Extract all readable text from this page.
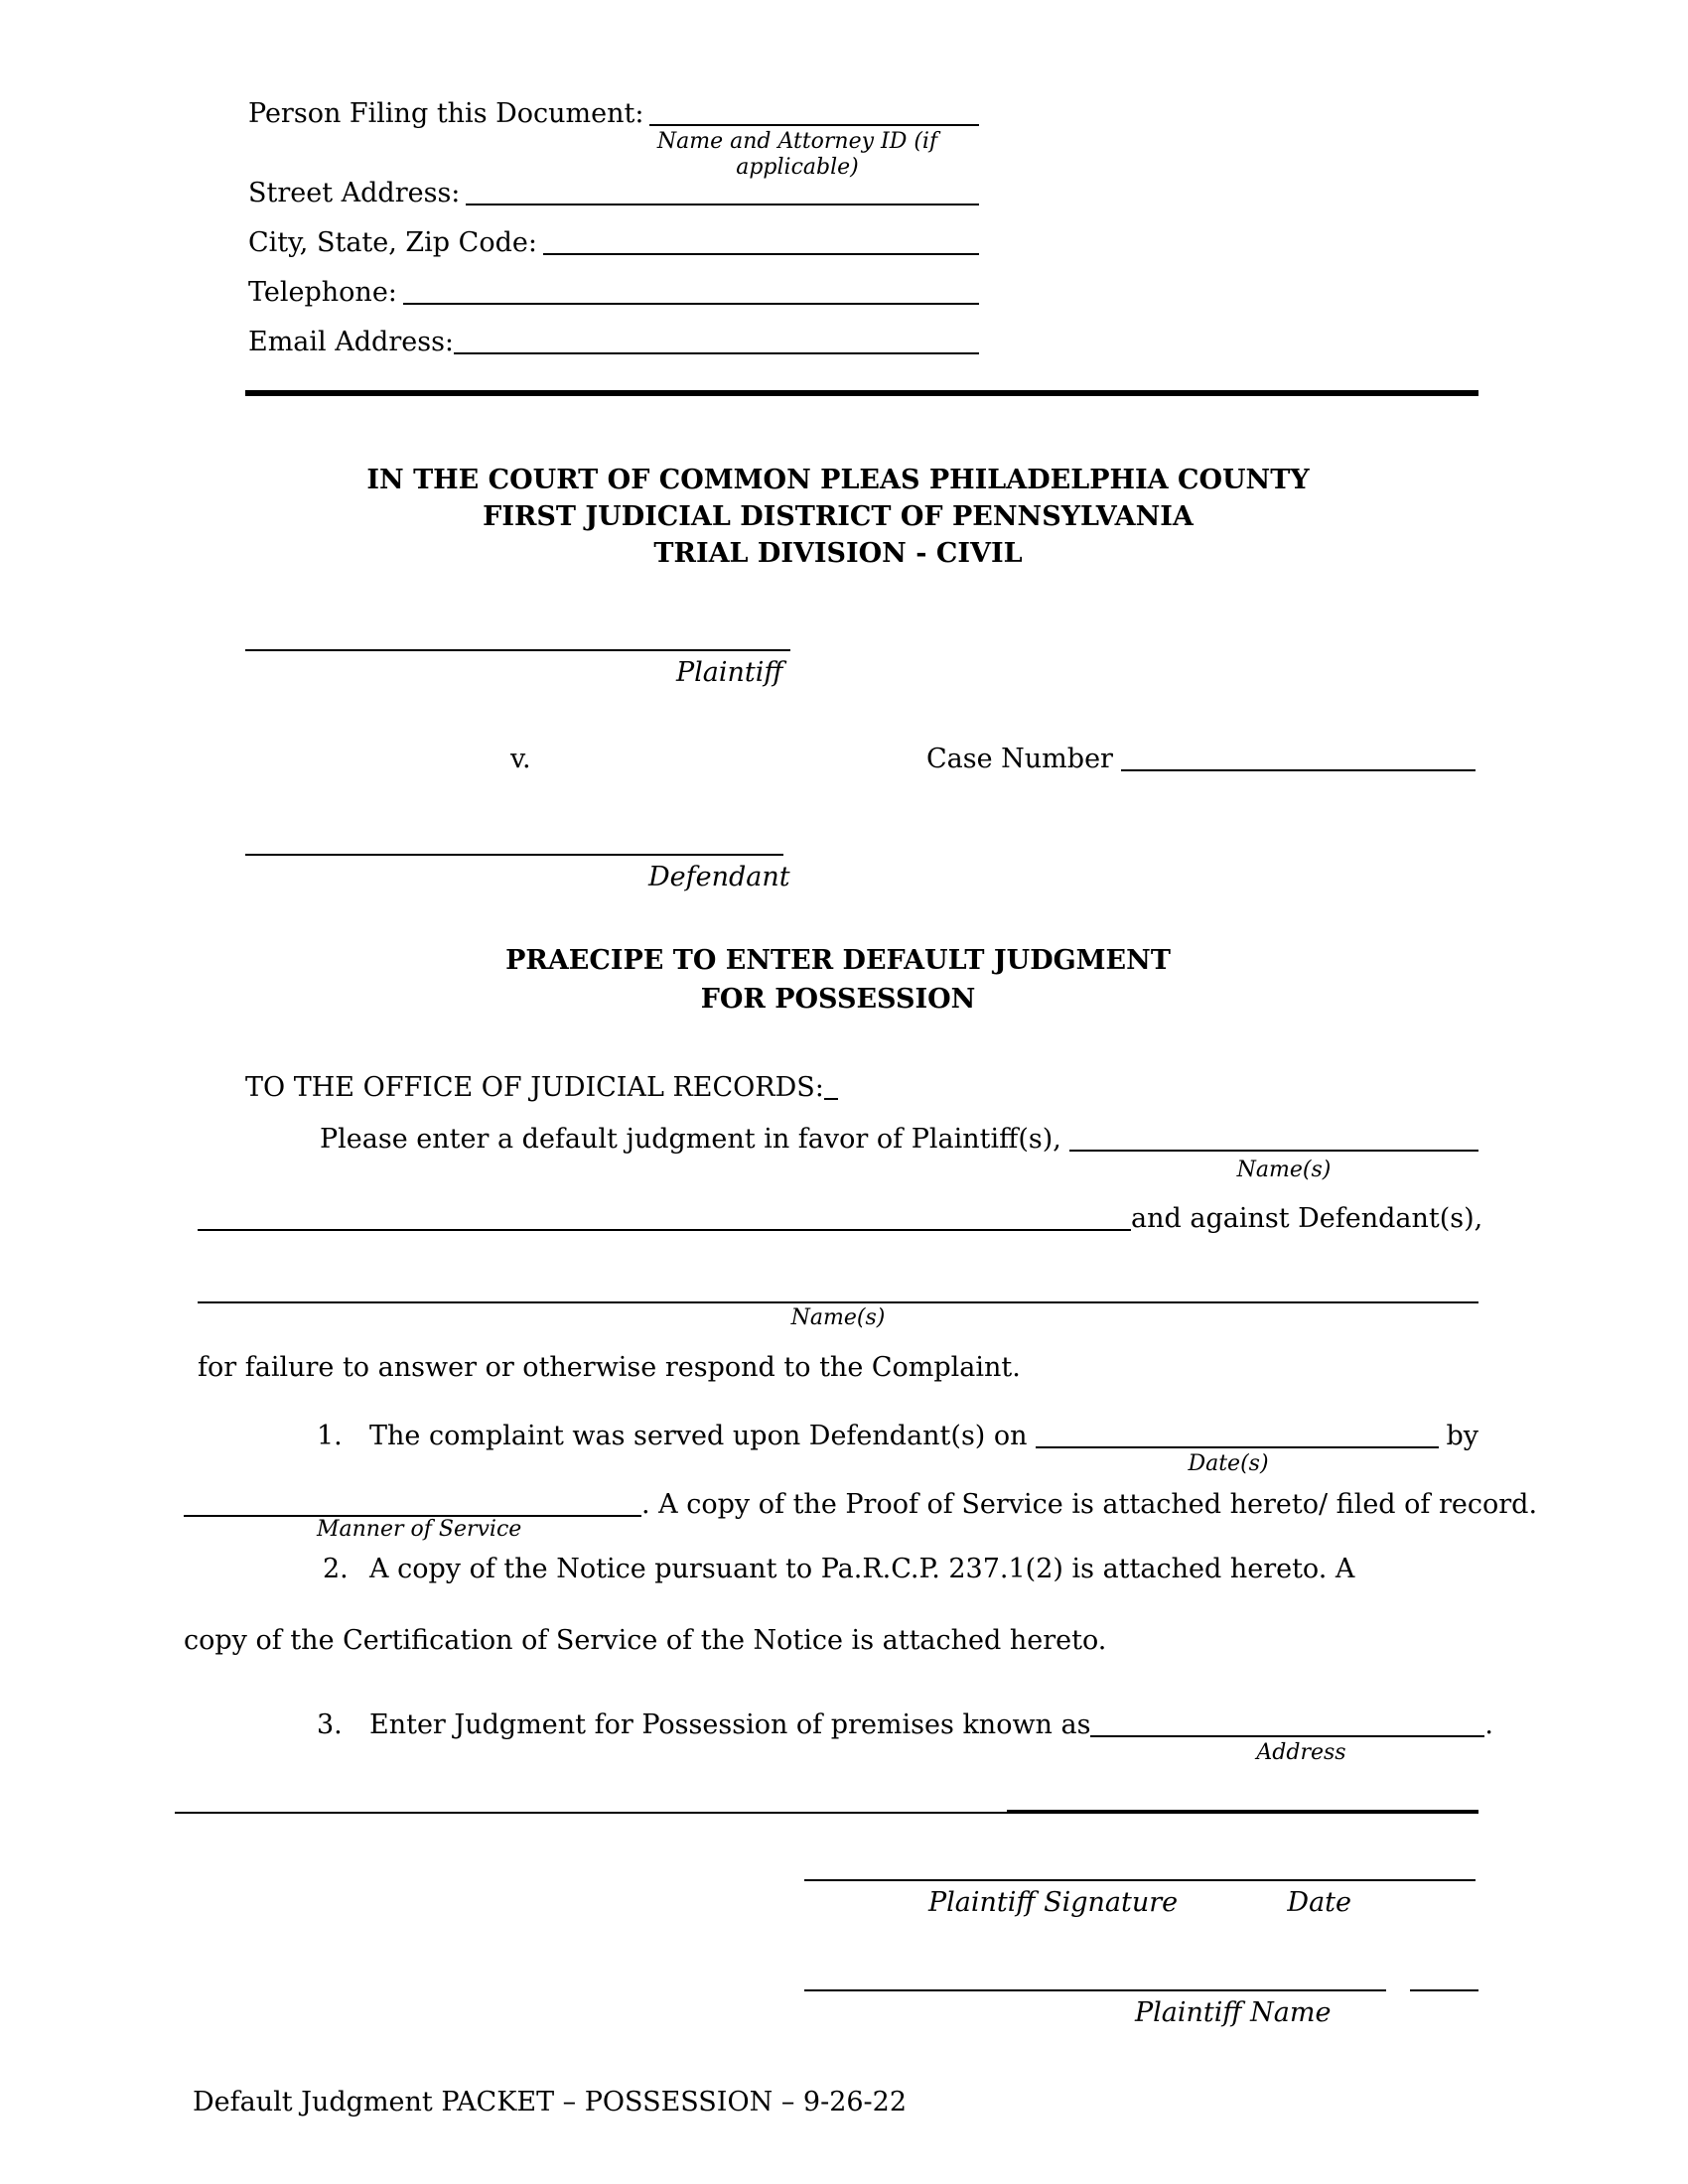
Person Filing this Document:
Name and Attorney ID (if applicable)
Street Address:
City, State, Zip Code:
Telephone:
Email Address:
IN THE COURT OF COMMON PLEAS PHILADELPHIA COUNTY
FIRST JUDICIAL DISTRICT OF PENNSYLVANIA
TRIAL DIVISION - CIVIL
Plaintiff
v.	Case Number
Defendant
PRAECIPE TO ENTER DEFAULT JUDGMENT
FOR POSSESSION
TO THE OFFICE OF JUDICIAL RECORDS:
Please enter a default judgment in favor of Plaintiff(s),
Name(s)
and against Defendant(s),
Name(s)
for failure to answer or otherwise respond to the Complaint.
1.	The complaint was served upon Defendant(s) on	by
Date(s)
. A copy of the Proof of Service is attached hereto/ filed of record.
Manner of Service
2. A copy of the Notice pursuant to Pa.R.C.P. 237.1(2) is attached hereto. A
copy of the Certification of Service of the Notice is attached hereto.
3.	Enter Judgment for Possession of premises known as	.
Address
Plaintiff Signature	Date
Plaintiff Name
Default Judgment PACKET – POSSESSION – 9-26-22
